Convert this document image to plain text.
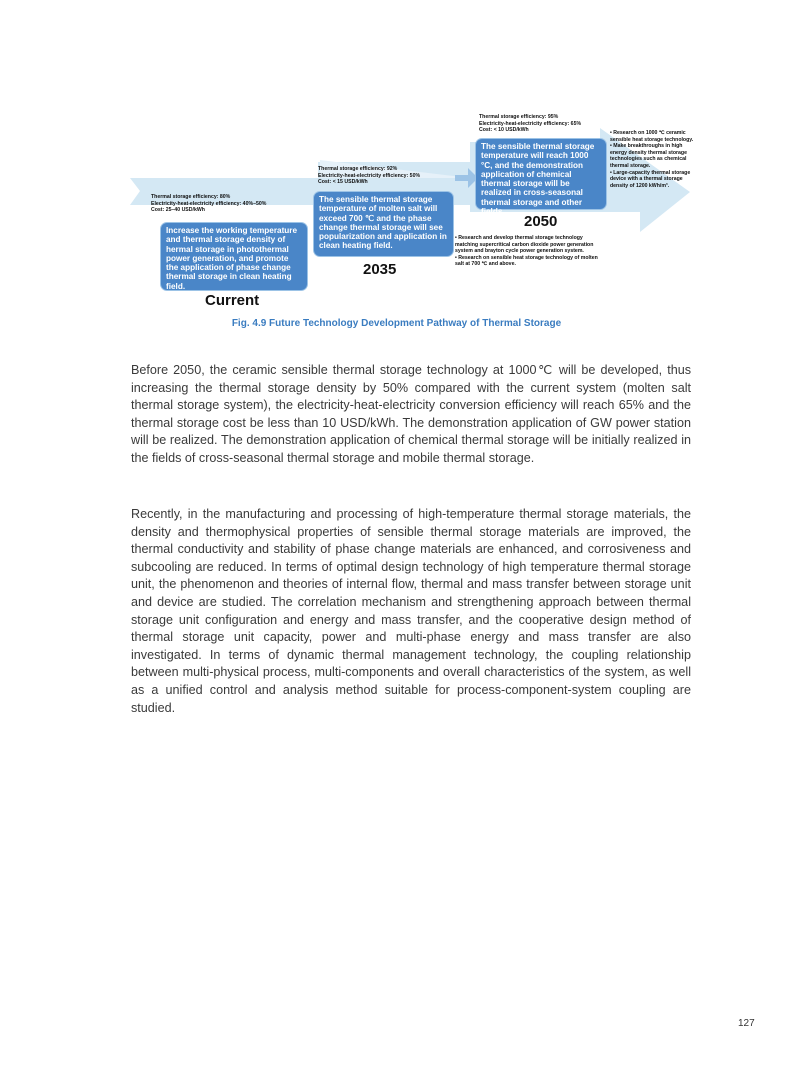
Thermal storage efficiency: 80%
Electricity-heat-electricity efficiency: 40%–50%
Cost: 25–40 USD/kWh
Increase the working temperature and thermal storage density of hermal storage in photothermal power generation, and promote the application of phase change thermal storage in clean heating field.
Current
Thermal storage efficiency: 92%
Electricity-heat-electricity efficiency: 50%
Cost: < 15 USD/kWh
The sensible thermal storage temperature of molten salt will exceed 700 ℃ and the phase change thermal storage will see popularization and application in clean heating field.
2035
• Research and develop thermal storage technology matching supercritical carbon dioxide power generation system and brayton cycle power generation system.
• Research on sensible heat storage technology of molten salt at 700 ℃ and above.
Thermal storage efficiency: 95%
Electricity-heat-electricity efficiency: 65%
Cost: < 10 USD/kWh
The sensible thermal storage temperature will reach 1000 °C, and the demonstration application of chemical thermal storage will be realized in cross-seasonal thermal storage and other fields.
2050
• Research on 1000 ℃ ceramic sensible heat storage technology.
• Make breakthroughs in high energy density thermal storage technologies such as chemical thermal storage.
• Large-capacity thermal storage device with a thermal storage density of 1200 kWh/m³.
Fig. 4.9 Future Technology Development Pathway of Thermal Storage

Before 2050, the ceramic sensible thermal storage technology at 1000℃ will be developed, thus increasing the thermal storage density by 50% compared with the current system (molten salt thermal storage system), the electricity-heat-electricity conversion efficiency will reach 65% and the thermal storage cost be less than 10 USD/kWh. The demonstration application of GW power station will be realized. The demonstration application of chemical thermal storage will be initially realized in the fields of cross-seasonal thermal storage and mobile thermal storage.

Recently, in the manufacturing and processing of high-temperature thermal storage materials, the density and thermophysical properties of sensible thermal storage materials are improved, the thermal conductivity and stability of phase change materials are enhanced, and corrosiveness and subcooling are reduced. In terms of optimal design technology of high temperature thermal storage unit, the phenomenon and theories of internal flow, thermal and mass transfer between storage unit and device are studied. The correlation mechanism and strengthening approach between thermal storage unit configuration and energy and mass transfer, and the cooperative design method of thermal storage unit capacity, power and multi-phase energy and mass transfer are also investigated. In terms of dynamic thermal management technology, the coupling relationship between multi-physical process, multi-components and overall characteristics of the system, as well as a unified control and analysis method suitable for process-component-system coupling are studied.

127
